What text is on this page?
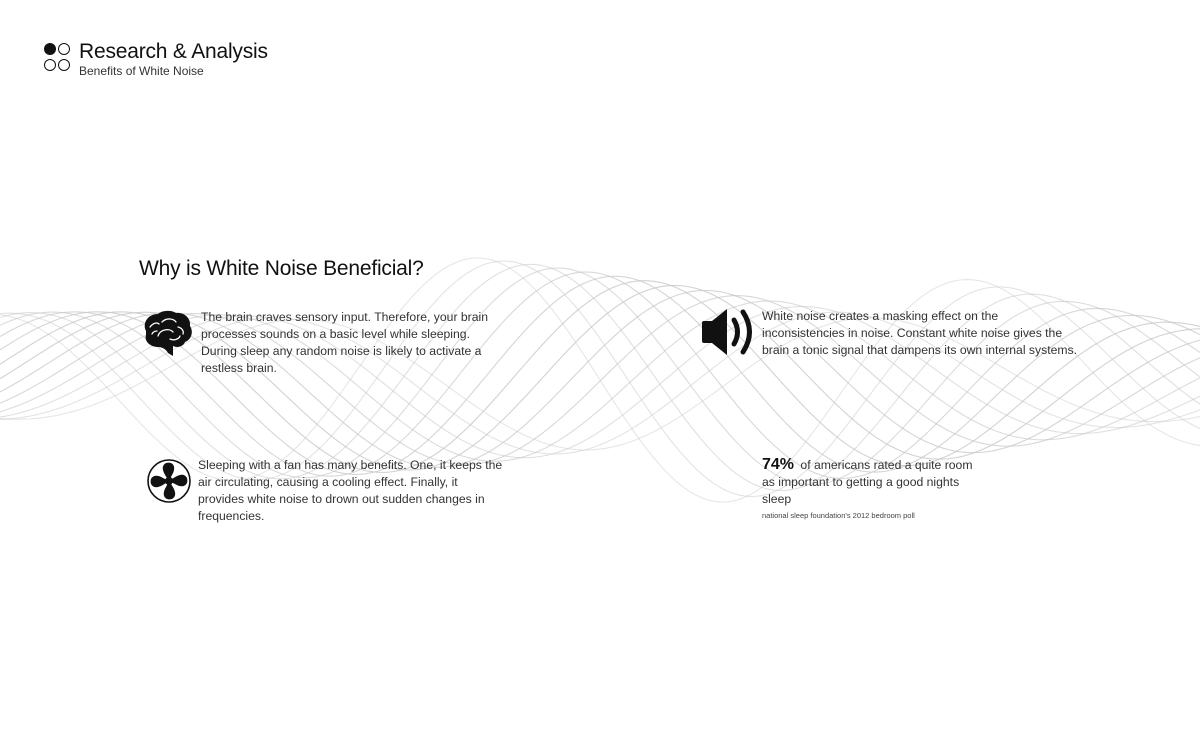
Research & Analysis
Benefits of White Noise
Why is White Noise Beneficial?

The brain craves sensory input. Therefore, your brain processes sounds on a basic level while sleeping. During sleep any random noise is likely to activate a restless brain.

White noise creates a masking effect on the inconsistencies in noise. Constant white noise gives the brain a tonic signal that dampens its own internal systems.

Sleeping with a fan has many benefits. One, it keeps the air circulating, causing a cooling effect. Finally, it provides white noise to drown out sudden changes in frequencies.

74% of americans rated a quite room as important to getting a good nights sleep
national sleep foundation's 2012 bedroom poll
